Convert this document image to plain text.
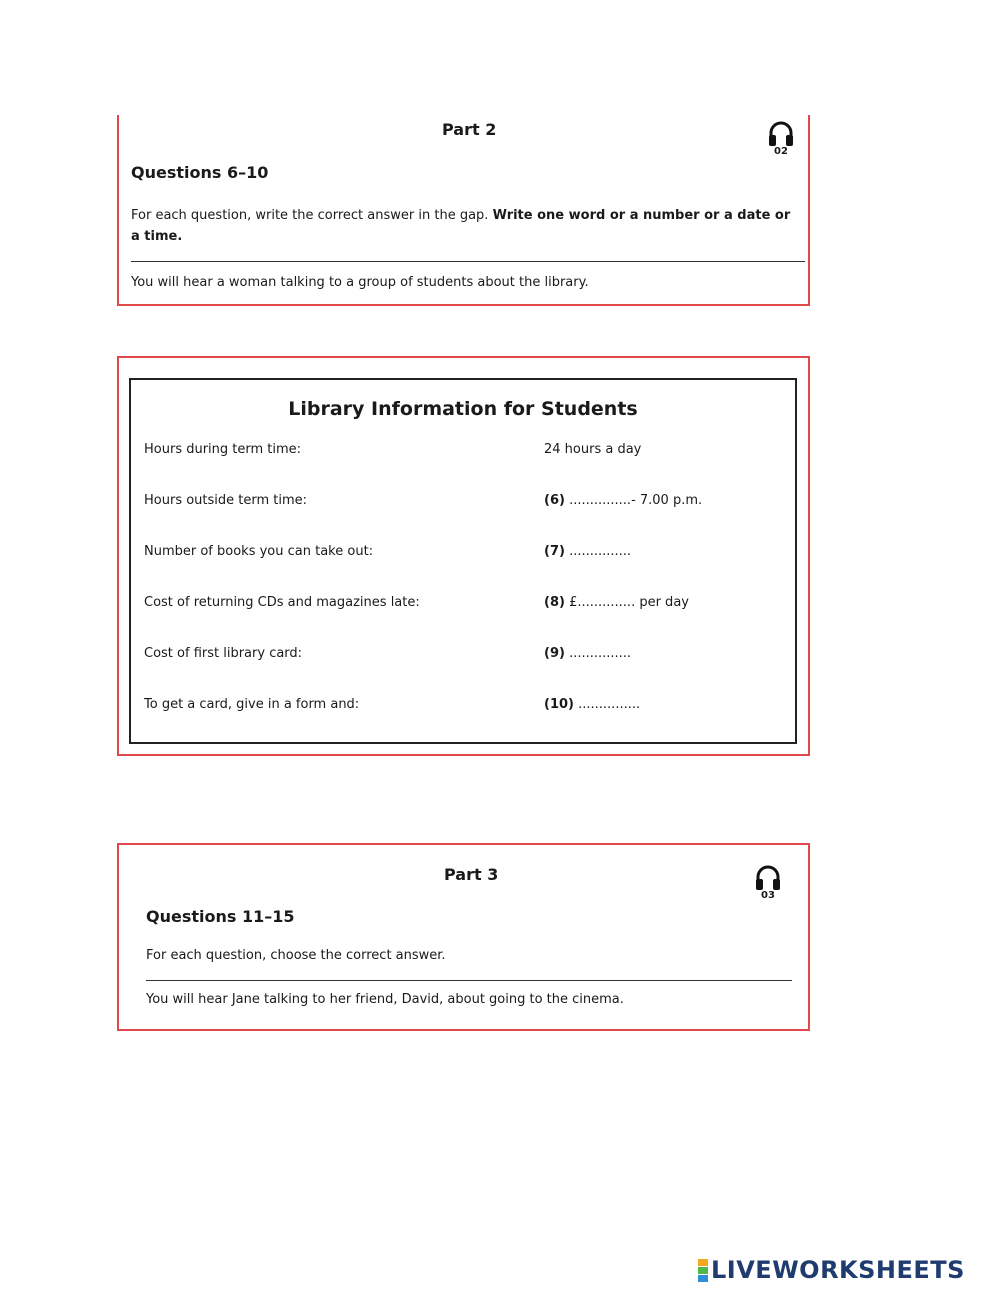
Part 2
02
Questions 6–10
For each question, write the correct answer in the gap. Write one word or a number or a date or
a time.
You will hear a woman talking to a group of students about the library.
Library Information for Students
Hours during term time:	24 hours a day
Hours outside term time:	(6) ...............- 7.00 p.m.
Number of books you can take out:	(7) ...............
Cost of returning CDs and magazines late:	(8) £.............. per day
Cost of first library card:	(9) ...............
To get a card, give in a form and:	(10) ...............
Part 3
03
Questions 11–15
For each question, choose the correct answer.
You will hear Jane talking to her friend, David, about going to the cinema.
LIVEWORKSHEETS
